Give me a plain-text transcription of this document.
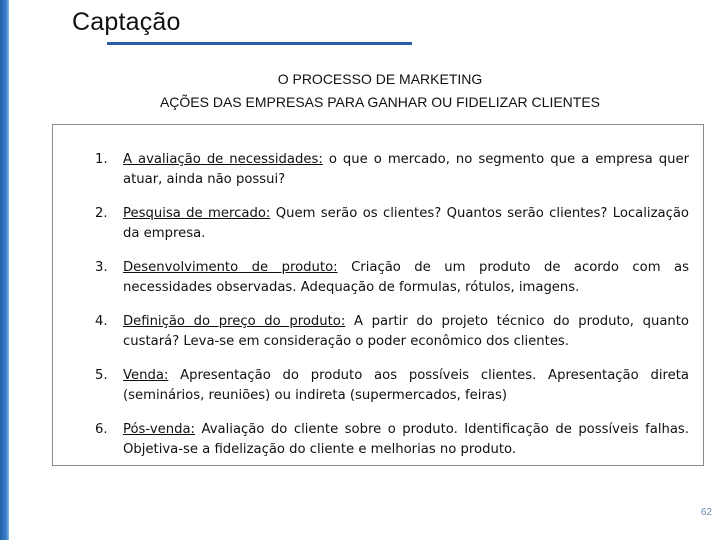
Captação
O PROCESSO DE MARKETING
AÇÕES DAS EMPRESAS PARA GANHAR OU FIDELIZAR CLIENTES
1. A avaliação de necessidades: o que o mercado, no segmento que a empresa quer atuar, ainda não possui?
2. Pesquisa de mercado: Quem serão os clientes? Quantos serão clientes? Localização da empresa.
3. Desenvolvimento de produto: Criação de um produto de acordo com as necessidades observadas. Adequação de formulas, rótulos, imagens.
4. Definição do preço do produto: A partir do projeto técnico do produto, quanto custará? Leva-se em consideração o poder econômico dos clientes.
5. Venda: Apresentação do produto aos possíveis clientes. Apresentação direta (seminários, reuniões) ou indireta (supermercados, feiras)
6. Pós-venda: Avaliação do cliente sobre o produto. Identificação de possíveis falhas. Objetiva-se a fidelização do cliente e melhorias no produto.
62
